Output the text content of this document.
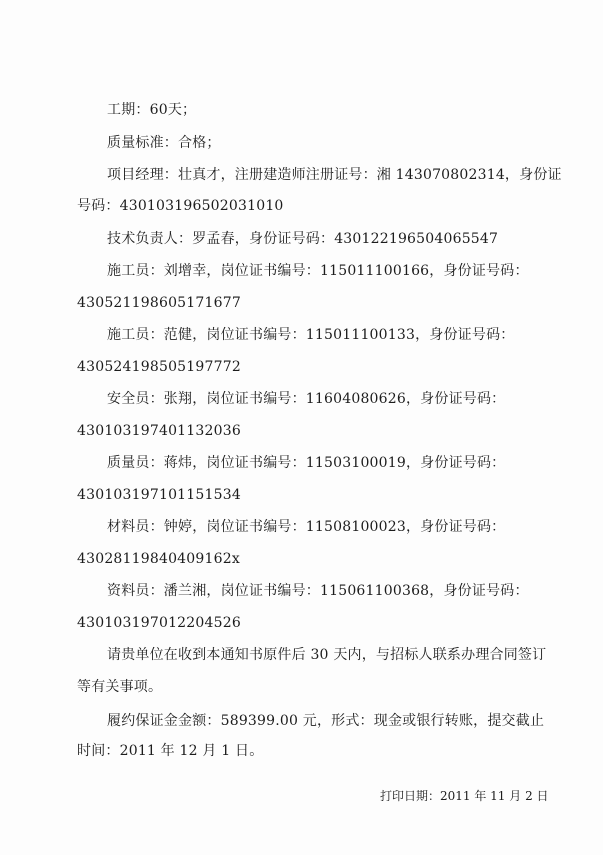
工期：60天；
质量标准：合格；
项目经理：壮真才，注册建造师注册证号：湘 143070802314，身份证
号码：430103196502031010
技术负责人：罗孟春，身份证号码：430122196504065547
施工员：刘增幸，岗位证书编号：115011100166，身份证号码：
430521198605171677
施工员：范健，岗位证书编号：115011100133，身份证号码：
430524198505197772
安全员：张翔，岗位证书编号：11604080626，身份证号码：
430103197401132036
质量员：蒋炜，岗位证书编号：11503100019，身份证号码：
430103197101151534
材料员：钟婷，岗位证书编号：11508100023，身份证号码：
43028119840409162x
资料员：潘兰湘，岗位证书编号：115061100368，身份证号码：
430103197012204526
请贵单位在收到本通知书原件后 30 天内，与招标人联系办理合同签订
等有关事项。
履约保证金金额：589399.00 元，形式：现金或银行转账，提交截止
时间：2011 年 12 月 1 日。
打印日期：2011 年 11 月 2 日
